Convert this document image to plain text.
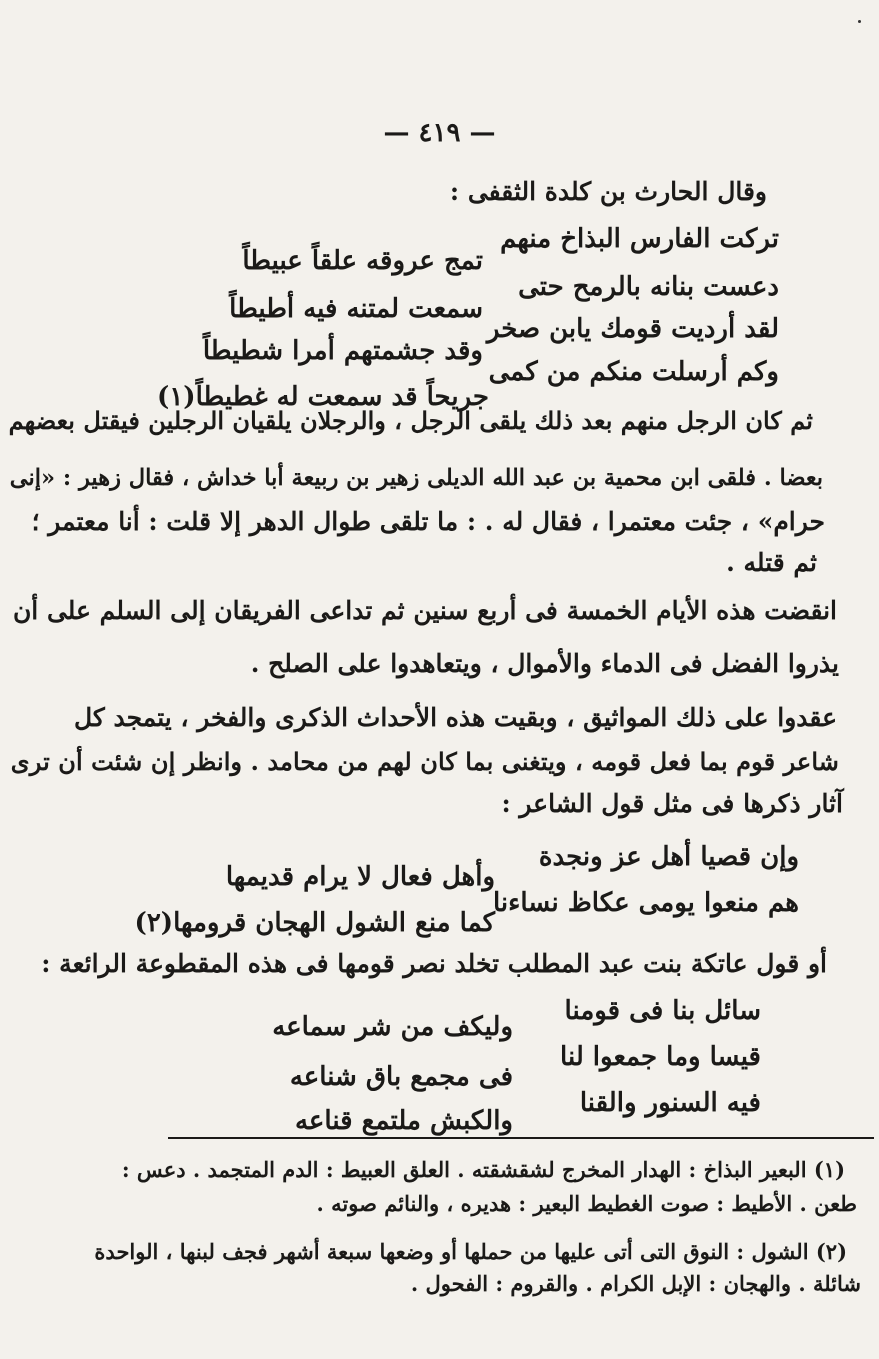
— ٤١٩ —
وقال الحارث بن كلدة الثقفى :
تركت الفارس البذاخ منهم
تمج عروقه علقاً عبيطاً
دعست بنانه بالرمح حتى
سمعت لمتنه فيه أطيطاً
لقد أرديت قومك يابن صخر
وقد جشمتهم أمرا شطيطاً
وكم أرسلت منكم من كمى
جريحاً قد سمعت له غطيطاً(١)
ثم كان الرجل منهم بعد ذلك يلقى الرجل ، والرجلان يلقيان الرجلين فيقتل بعضهم
بعضا . فلقى ابن محمية بن عبد الله الديلى زهير بن ربيعة أبا خداش ، فقال زهير : «إنى
حرام» ، جئت معتمرا ، فقال له . : ما تلقى طوال الدهر إلا قلت : أنا معتمر ؛
ثم قتله .
انقضت هذه الأيام الخمسة فى أربع سنين ثم تداعى الفريقان إلى السلم على أن
يذروا الفضل فى الدماء والأموال ، ويتعاهدوا على الصلح .
عقدوا على ذلك المواثيق ، وبقيت هذه الأحداث الذكرى والفخر ، يتمجد كل
شاعر قوم بما فعل قومه ، ويتغنى بما كان لهم من محامد . وانظر إن شئت أن ترى
آثار ذكرها فى مثل قول الشاعر :
وإن قصيا أهل عز ونجدة
وأهل فعال لا يرام قديمها
هم منعوا يومى عكاظ نساءنا
كما منع الشول الهجان قرومها(٢)
أو قول عاتكة بنت عبد المطلب تخلد نصر قومها فى هذه المقطوعة الرائعة :
سائل بنا فى قومنا
وليكف من شر سماعه
قيسا وما جمعوا لنا
فى مجمع باق شناعه
فيه السنور والقنا
والكبش ملتمع قناعه
(١) البعير البذاخ : الهدار المخرج لشقشقته . العلق العبيط : الدم المتجمد . دعس :
طعن . الأطيط : صوت الغطيط البعير : هديره ، والنائم صوته .
(٢) الشول : النوق التى أتى عليها من حملها أو وضعها سبعة أشهر فجف لبنها ، الواحدة
شائلة . والهجان : الإبل الكرام . والقروم : الفحول .
